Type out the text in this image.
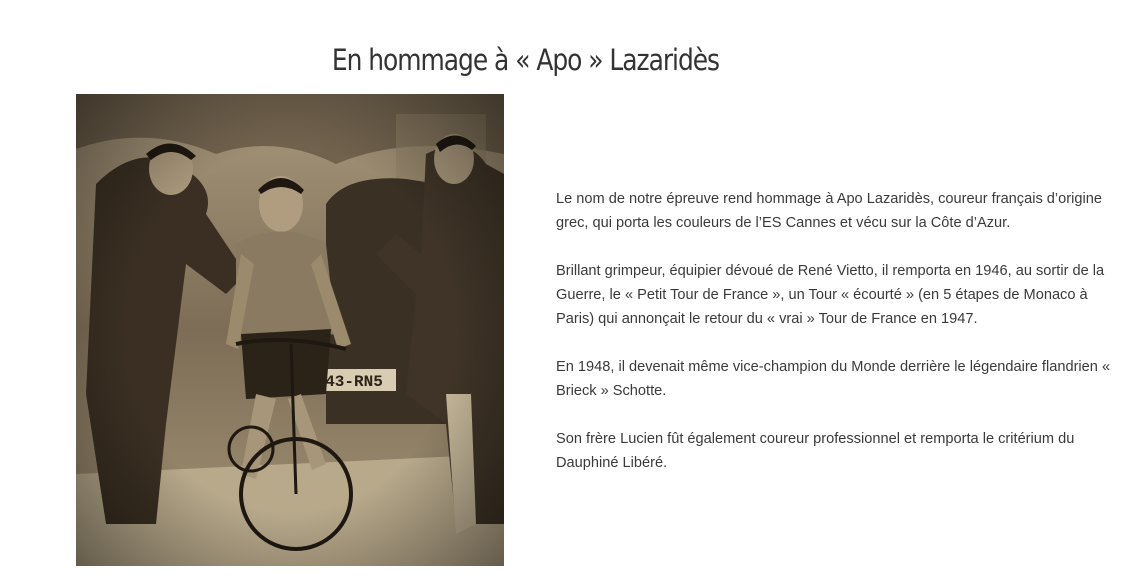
En hommage à « Apo » Lazaridès

Le nom de notre épreuve rend hommage à Apo Lazaridès, coureur français d’origine grec, qui porta les couleurs de l’ES Cannes et vécu sur la Côte d’Azur.

Brillant grimpeur, équipier dévoué de René Vietto, il remporta en 1946, au sortir de la Guerre, le « Petit Tour de France », un Tour « écourté » (en 5 étapes de Monaco à Paris) qui annonçait le retour du « vrai » Tour de France en 1947.

En 1948, il devenait même vice-champion du Monde derrière le légendaire flandrien « Brieck » Schotte.

Son frère Lucien fût également coureur professionnel et remporta le critérium du Dauphiné Libéré.
